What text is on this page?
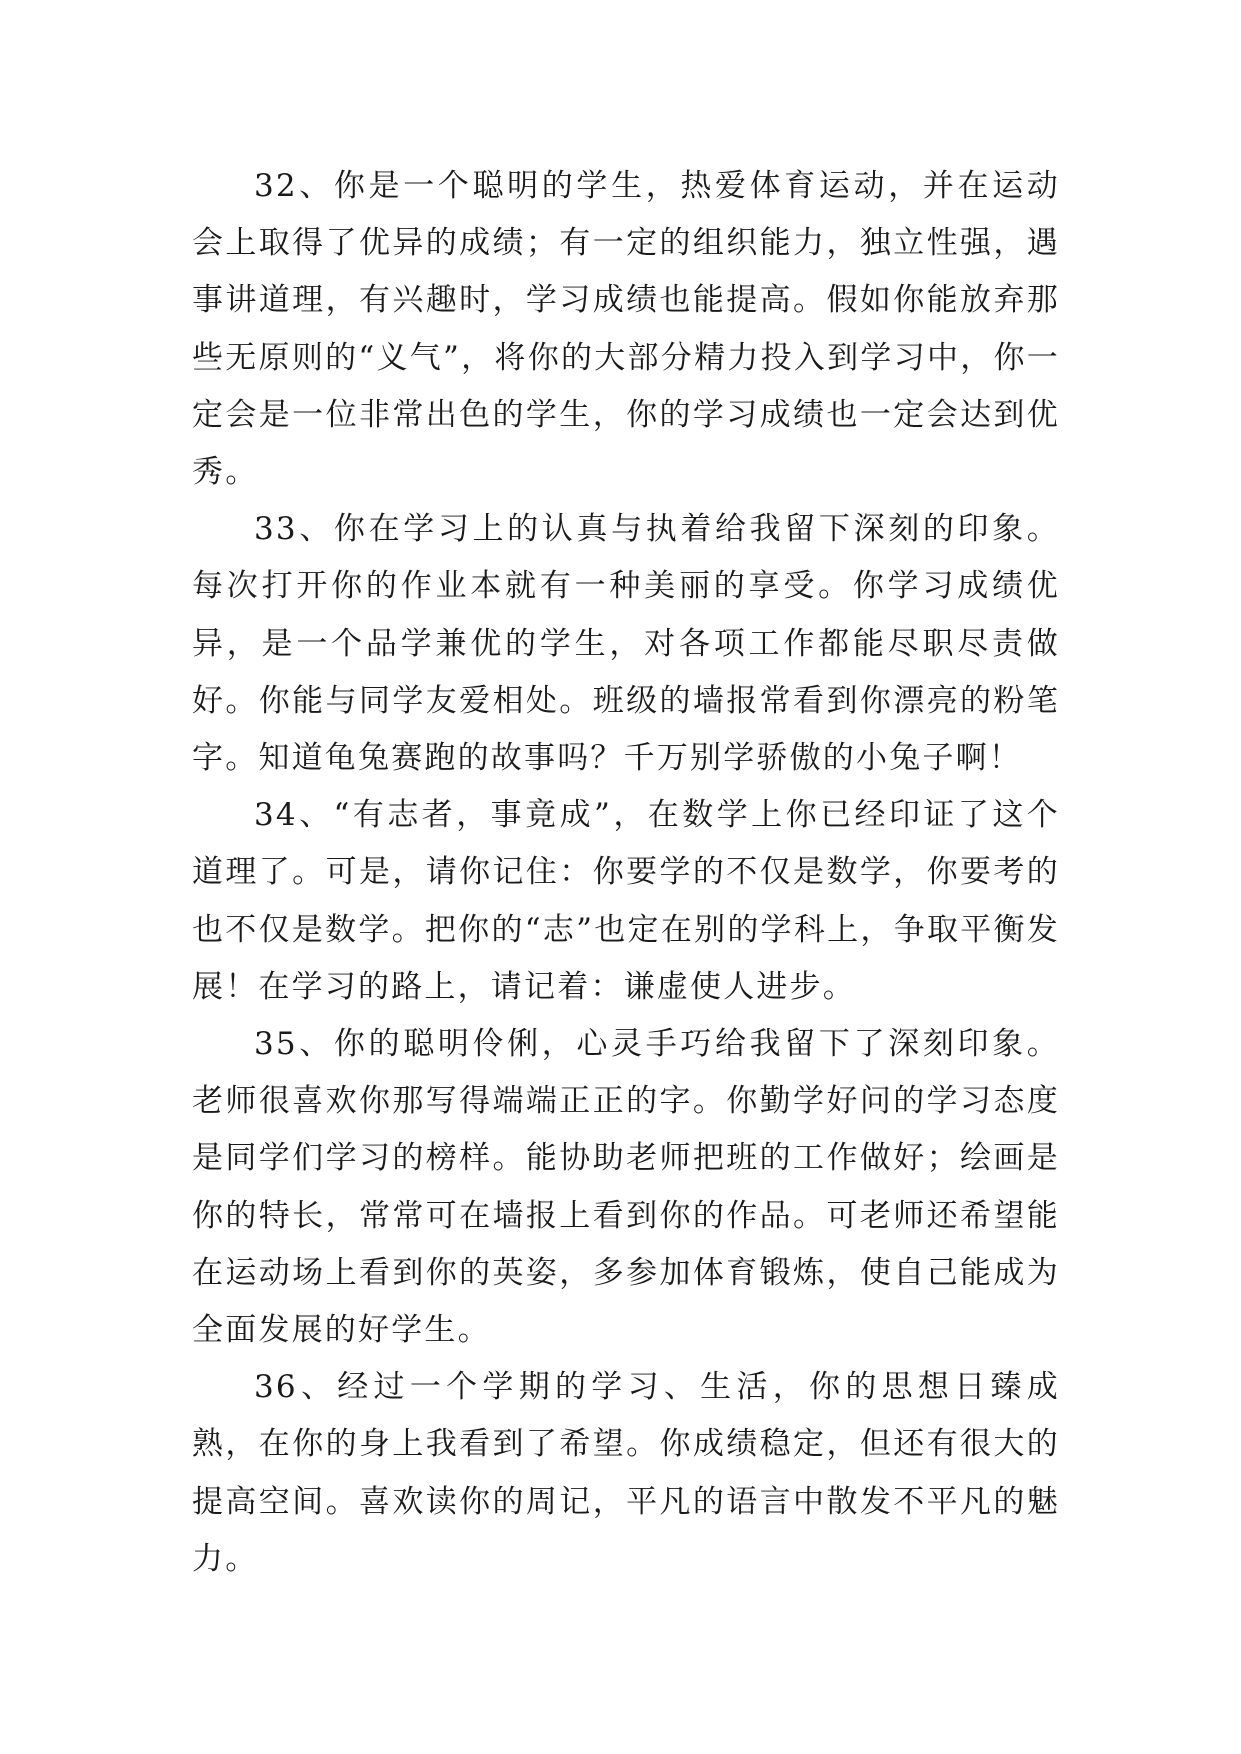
32、你是一个聪明的学生，热爱体育运动，并在运动会上取得了优异的成绩；有一定的组织能力，独立性强，遇事讲道理，有兴趣时，学习成绩也能提高。假如你能放弃那些无原则的“义气”，将你的大部分精力投入到学习中，你一定会是一位非常出色的学生，你的学习成绩也一定会达到优秀。

33、你在学习上的认真与执着给我留下深刻的印象。每次打开你的作业本就有一种美丽的享受。你学习成绩优异，是一个品学兼优的学生，对各项工作都能尽职尽责做好。你能与同学友爱相处。班级的墙报常看到你漂亮的粉笔字。知道龟兔赛跑的故事吗？千万别学骄傲的小兔子啊！

34、“有志者，事竟成”，在数学上你已经印证了这个道理了。可是，请你记住：你要学的不仅是数学，你要考的也不仅是数学。把你的“志”也定在别的学科上，争取平衡发展！在学习的路上，请记着：谦虚使人进步。

35、你的聪明伶俐，心灵手巧给我留下了深刻印象。老师很喜欢你那写得端端正正的字。你勤学好问的学习态度是同学们学习的榜样。能协助老师把班的工作做好；绘画是你的特长，常常可在墙报上看到你的作品。可老师还希望能在运动场上看到你的英姿，多参加体育锻炼，使自己能成为全面发展的好学生。

36、经过一个学期的学习、生活，你的思想日臻成熟，在你的身上我看到了希望。你成绩稳定，但还有很大的提高空间。喜欢读你的周记，平凡的语言中散发不平凡的魅力。
